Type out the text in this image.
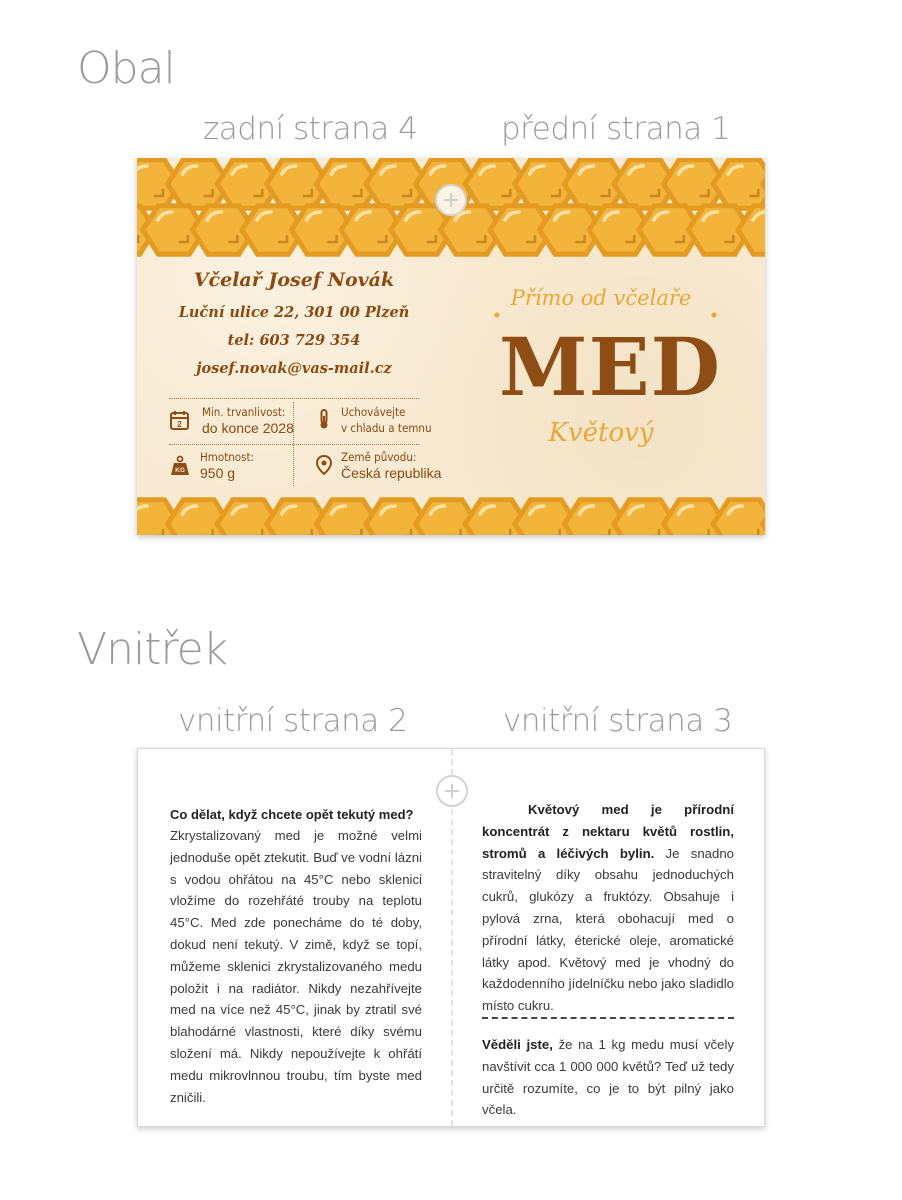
Obal
zadní strana 4	přední strana 1
Včelař Josef Novák
Luční ulice 22, 301 00 Plzeň
tel: 603 729 354
josef.novak@vas-mail.cz
2
Min. trvanlivost:
do konce 2028
Uchovávejte
v chladu a temnu
KG
Hmotnost:
950 g
Země původu:
Česká republika
Přímo od včelaře
MED
Květový
Vnitřek
vnitřní strana 2	vnitřní strana 3
Co dělat, když chcete opět tekutý med?
Zkrystalizovaný med je možné velmi jednoduše opět ztekutit. Buď ve vodní lázni s vodou ohřátou na 45°C nebo sklenici vložíme do rozehřáté trouby na teplotu 45°C. Med zde ponecháme do té doby, dokud není tekutý. V zimě, když se topí, můžeme sklenici zkrystalizovaného medu položit i na radiátor. Nikdy nezahřívejte med na více než 45°C, jinak by ztratil své blahodárné vlastnosti, které díky svému složení má. Nikdy nepoužívejte k ohřátí medu mikrovlnnou troubu, tím byste med zničili.
Květový med je přírodní koncentrát z nektaru květů rostlin, stromů a léčivých bylin. Je snadno stravitelný díky obsahu jednoduchých cukrů, glukózy a fruktózy. Obsahuje i pylová zrna, která obohacují med o přírodní látky, éterické oleje, aromatické látky apod. Květový med je vhodný do každodenního jídelníčku nebo jako sladidlo místo cukru.
Věděli jste, že na 1 kg medu musí včely navštívit cca 1 000 000 květů? Teď už tedy určitě rozumíte, co je to být pilný jako včela.
